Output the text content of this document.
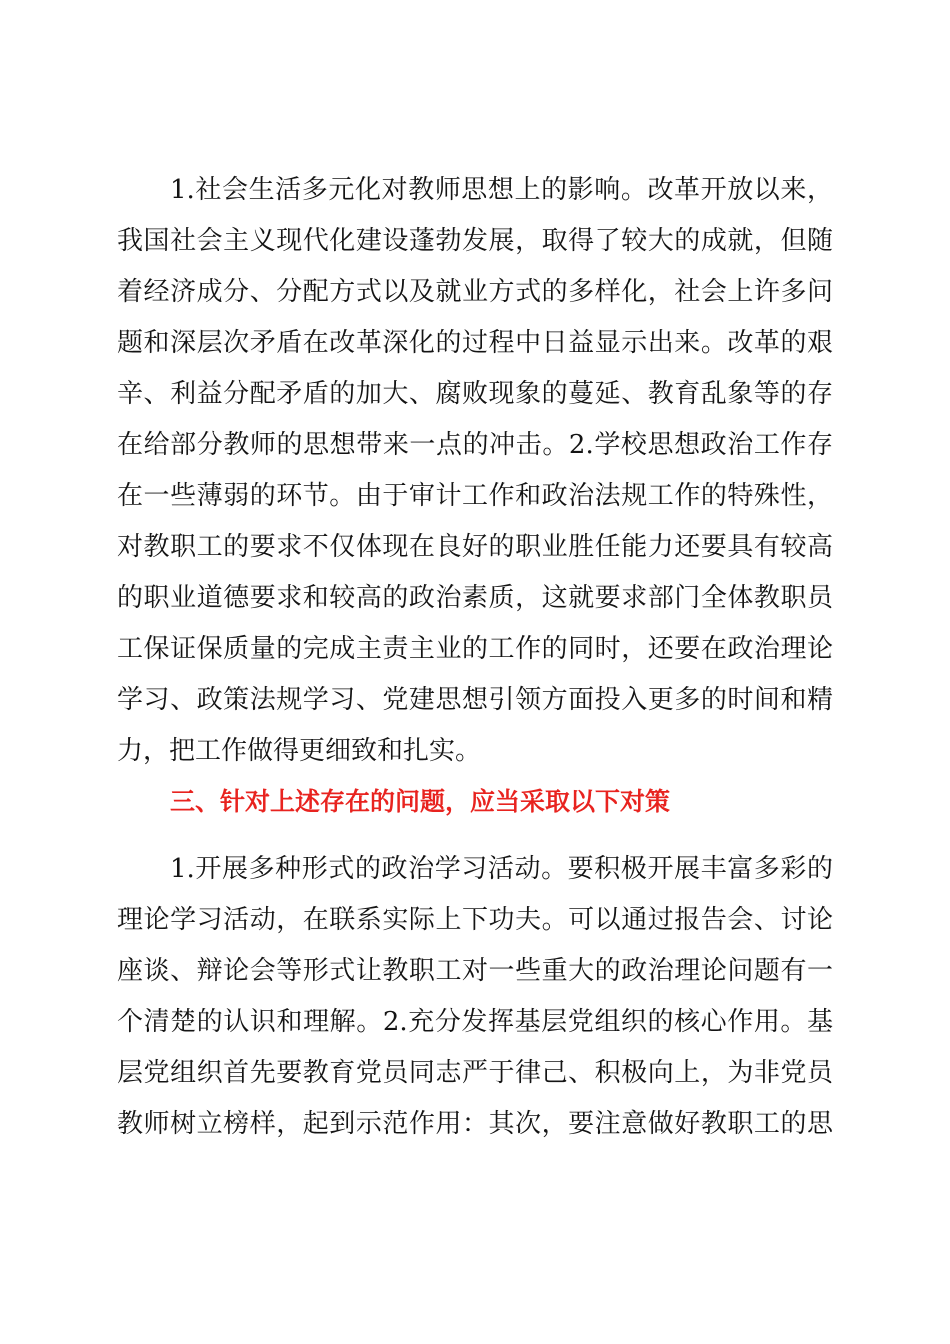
1.社会生活多元化对教师思想上的影响。改革开放以来，
我国社会主义现代化建设蓬勃发展，取得了较大的成就，但随
着经济成分、分配方式以及就业方式的多样化，社会上许多问
题和深层次矛盾在改革深化的过程中日益显示出来。改革的艰
辛、利益分配矛盾的加大、腐败现象的蔓延、教育乱象等的存
在给部分教师的思想带来一点的冲击。2.学校思想政治工作存
在一些薄弱的环节。由于审计工作和政治法规工作的特殊性，
对教职工的要求不仅体现在良好的职业胜任能力还要具有较高
的职业道德要求和较高的政治素质，这就要求部门全体教职员
工保证保质量的完成主责主业的工作的同时，还要在政治理论
学习、政策法规学习、党建思想引领方面投入更多的时间和精
力，把工作做得更细致和扎实。
三、针对上述存在的问题，应当采取以下对策
1.开展多种形式的政治学习活动。要积极开展丰富多彩的
理论学习活动，在联系实际上下功夫。可以通过报告会、讨论
座谈、辩论会等形式让教职工对一些重大的政治理论问题有一
个清楚的认识和理解。2.充分发挥基层党组织的核心作用。基
层党组织首先要教育党员同志严于律己、积极向上，为非党员
教师树立榜样，起到示范作用：其次，要注意做好教职工的思
